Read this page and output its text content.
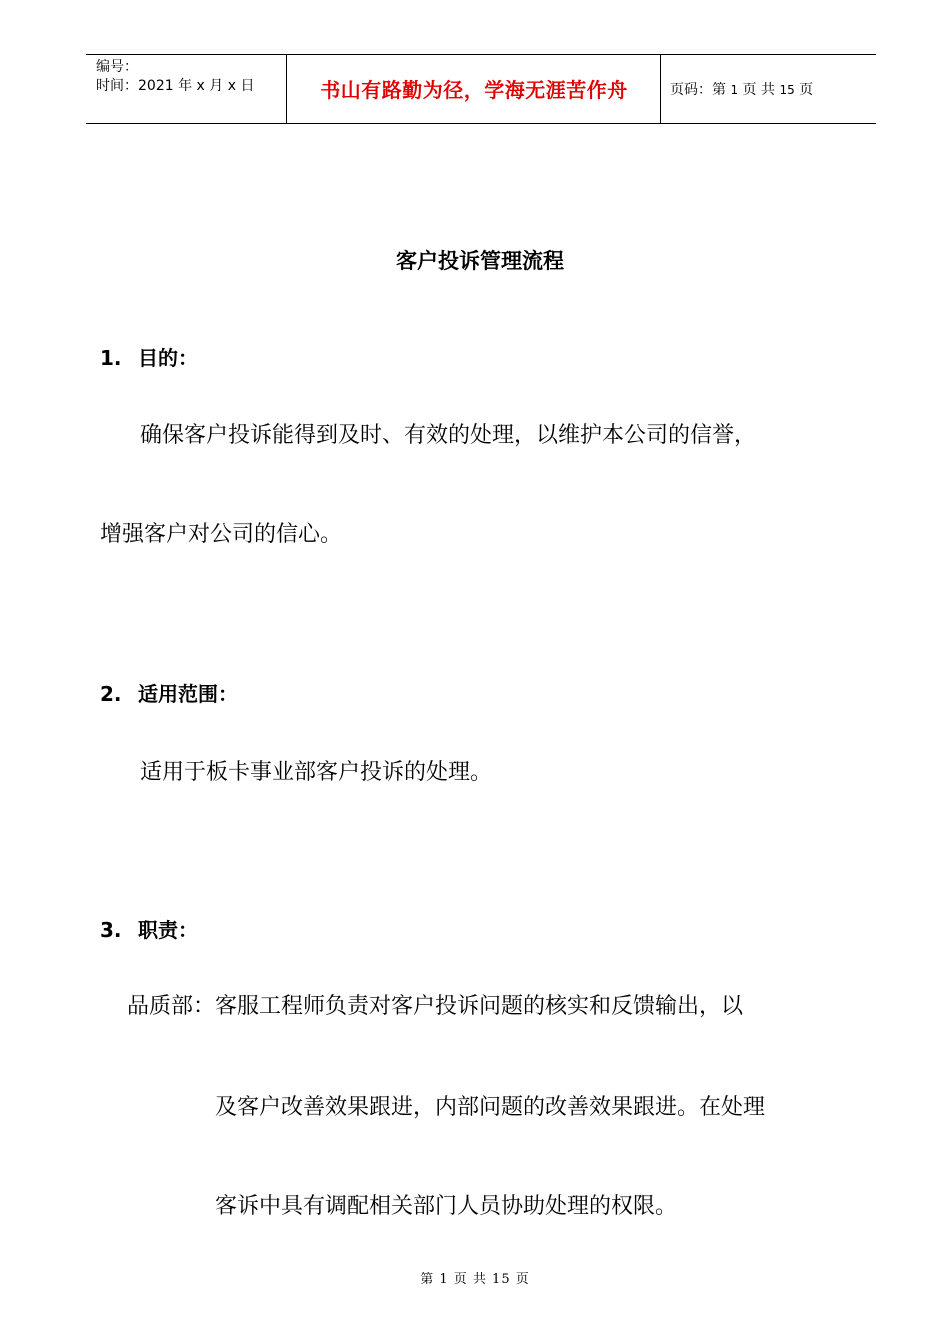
编号：
时间：2021 年 x 月 x 日	书山有路勤为径，学海无涯苦作舟	页码：第 1 页 共 15 页
客户投诉管理流程
1. 目的：
确保客户投诉能得到及时、有效的处理，以维护本公司的信誉，
增强客户对公司的信心。
2. 适用范围：
适用于板卡事业部客户投诉的处理。
3. 职责：
品质部：客服工程师负责对客户投诉问题的核实和反馈输出，以
及客户改善效果跟进，内部问题的改善效果跟进。在处理
客诉中具有调配相关部门人员协助处理的权限。
第 1 页 共 15 页
